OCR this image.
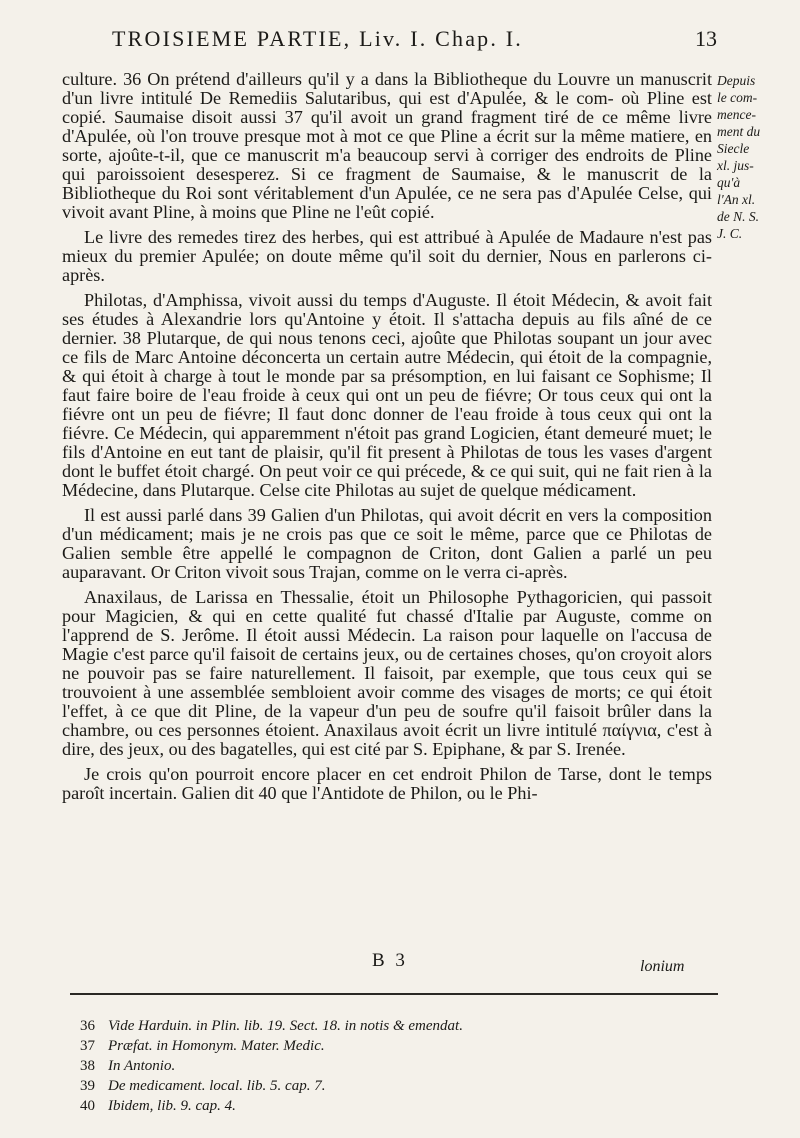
TROISIEME PARTIE, Liv. I. Chap. I.	13
Depuis
le com-
mence-
ment du
Siecle
xl. jus-
qu'à
l'An xl.
de N. S.
J. C.

culture. 36 On prétend d'ailleurs qu'il y a dans la Bibliotheque du Louvre un manuscrit d'un livre intitulé De Remediis Salutaribus, qui est d'Apulée, & le com- où Pline est copié. Saumaise disoit aussi 37 qu'il avoit un grand fragment tiré de ce même livre d'Apulée, où l'on trouve presque mot à mot ce que Pline a écrit sur la même matiere, en sorte, ajoûte-t-il, que ce manuscrit m'a beaucoup servi à corriger des endroits de Pline qui paroissoient desesperez. Si ce fragment de Saumaise, & le manuscrit de la Bibliotheque du Roi sont véritablement d'un Apulée, ce ne sera pas d'Apulée Celse, qui vivoit avant Pline, à moins que Pline ne l'eût copié.

Le livre des remedes tirez des herbes, qui est attribué à Apulée de Madaure n'est pas mieux du premier Apulée; on doute même qu'il soit du dernier, Nous en parlerons ci-après.

Philotas, d'Amphissa, vivoit aussi du temps d'Auguste. Il étoit Médecin, & avoit fait ses études à Alexandrie lors qu'Antoine y étoit. Il s'attacha depuis au fils aîné de ce dernier. 38 Plutarque, de qui nous tenons ceci, ajoûte que Philotas soupant un jour avec ce fils de Marc Antoine déconcerta un certain autre Médecin, qui étoit de la compagnie, & qui étoit à charge à tout le monde par sa présomption, en lui faisant ce Sophisme; Il faut faire boire de l'eau froide à ceux qui ont un peu de fiévre; Or tous ceux qui ont la fiévre ont un peu de fiévre; Il faut donc donner de l'eau froide à tous ceux qui ont la fiévre. Ce Médecin, qui apparemment n'étoit pas grand Logicien, étant demeuré muet; le fils d'Antoine en eut tant de plaisir, qu'il fit present à Philotas de tous les vases d'argent dont le buffet étoit chargé. On peut voir ce qui précede, & ce qui suit, qui ne fait rien à la Médecine, dans Plutarque. Celse cite Philotas au sujet de quelque médicament.

Il est aussi parlé dans 39 Galien d'un Philotas, qui avoit décrit en vers la composition d'un médicament; mais je ne crois pas que ce soit le même, parce que ce Philotas de Galien semble être appellé le compagnon de Criton, dont Galien a parlé un peu auparavant. Or Criton vivoit sous Trajan, comme on le verra ci-après.

Anaxilaus, de Larissa en Thessalie, étoit un Philosophe Pythagoricien, qui passoit pour Magicien, & qui en cette qualité fut chassé d'Italie par Auguste, comme on l'apprend de S. Jerôme. Il étoit aussi Médecin. La raison pour laquelle on l'accusa de Magie c'est parce qu'il faisoit de certains jeux, ou de certaines choses, qu'on croyoit alors ne pouvoir pas se faire naturellement. Il faisoit, par exemple, que tous ceux qui se trouvoient à une assemblée sembloient avoir comme des visages de morts; ce qui étoit l'effet, à ce que dit Pline, de la vapeur d'un peu de soufre qu'il faisoit brûler dans la chambre, ou ces personnes étoient. Anaxilaus avoit écrit un livre intitulé παίγνια, c'est à dire, des jeux, ou des bagatelles, qui est cité par S. Epiphane, & par S. Irenée.

Je crois qu'on pourroit encore placer en cet endroit Philon de Tarse, dont le temps paroît incertain. Galien dit 40 que l'Antidote de Philon, ou le Phi-

B 3	lonium
36 Vide Harduin. in Plin. lib. 19. Sect. 18. in notis & emendat.
37 Præfat. in Homonym. Mater. Medic.
38 In Antonio.
39 De medicament. local. lib. 5. cap. 7.
40 Ibidem, lib. 9. cap. 4.
